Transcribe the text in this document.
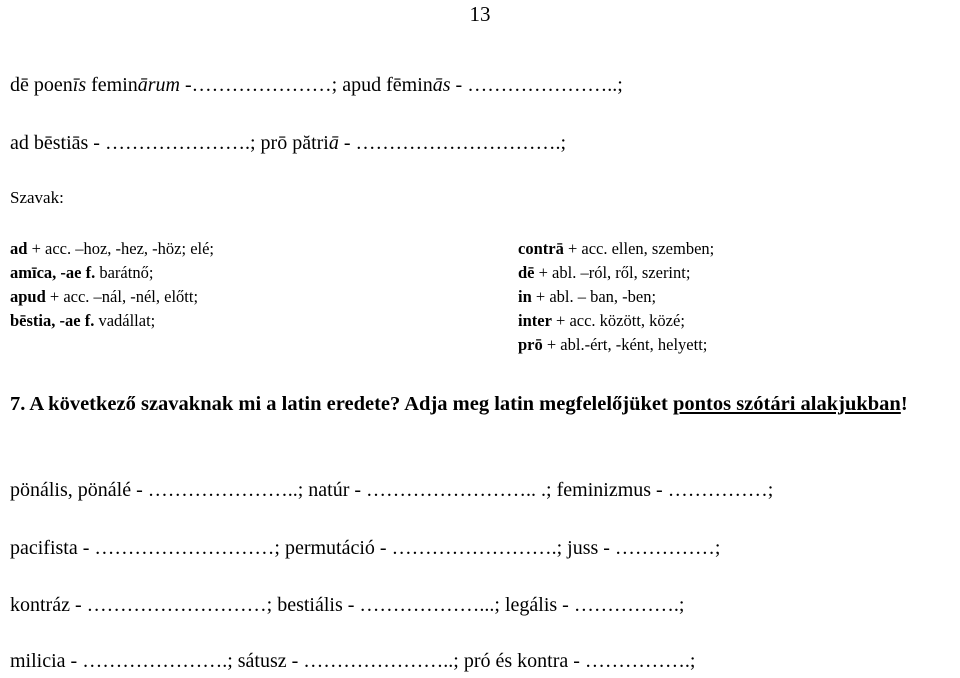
13
dē poenīs feminārum -…………………; apud fēminās - …………………..;
ad bēstiās - ………………….; prō pătriā - ………………………….;
Szavak:
ad + acc. –hoz, -hez, -höz; elé;
amīca, -ae f. barátnő;
apud + acc. –nál, -nél, előtt;
bēstia, -ae f. vadállat;
contrā + acc. ellen, szemben;
dē + abl. –ról, ről, szerint;
in + abl. – ban, -ben;
inter + acc. között, közé;
prō + abl.-ért, -ként, helyett;
7. A következő szavaknak mi a latin eredete? Adja meg latin megfelelőjüket pontos szótári alakjukban!
pönális, pönálé - …………………..; natúr - …………………….. .; feminizmus - ……………;
pacifista - ………………………; permutáció - …………………….; juss - ……………;
kontráz - ………………………; bestiális - ………………...; legális - …………….;
milicia - ………………….; sátusz - …………………..; pró és kontra - …………….;
